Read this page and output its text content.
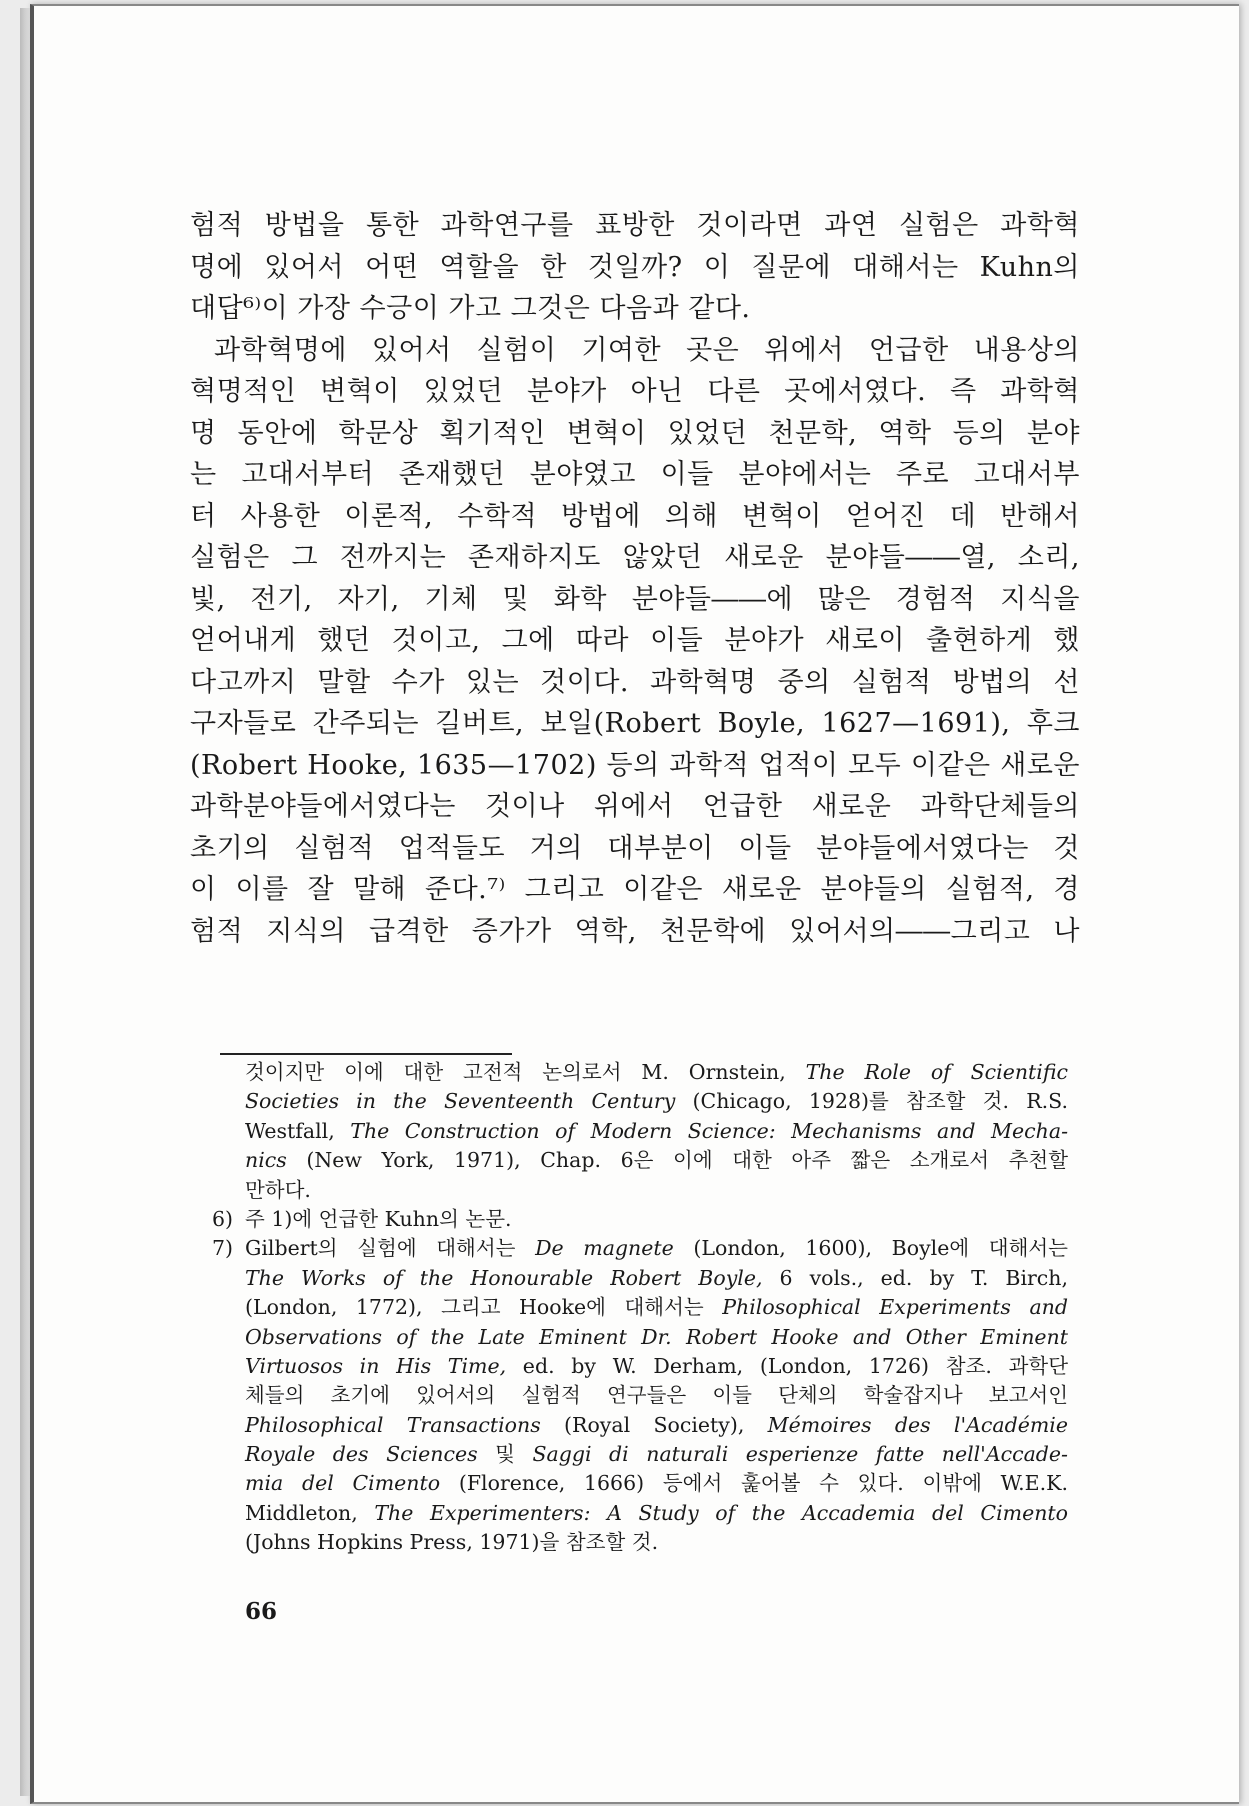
험적 방법을 통한 과학연구를 표방한 것이라면 과연 실험은 과학혁
명에 있어서 어떤 역할을 한 것일까? 이 질문에 대해서는 Kuhn의
대답⁶⁾이 가장 수긍이 가고 그것은 다음과 같다.
과학혁명에 있어서 실험이 기여한 곳은 위에서 언급한 내용상의
혁명적인 변혁이 있었던 분야가 아닌 다른 곳에서였다. 즉 과학혁
명 동안에 학문상 획기적인 변혁이 있었던 천문학, 역학 등의 분야
는 고대서부터 존재했던 분야였고 이들 분야에서는 주로 고대서부
터 사용한 이론적, 수학적 방법에 의해 변혁이 얻어진 데 반해서
실험은 그 전까지는 존재하지도 않았던 새로운 분야들――열, 소리,
빛, 전기, 자기, 기체 및 화학 분야들――에 많은 경험적 지식을
얻어내게 했던 것이고, 그에 따라 이들 분야가 새로이 출현하게 했
다고까지 말할 수가 있는 것이다. 과학혁명 중의 실험적 방법의 선
구자들로 간주되는 길버트, 보일(Robert Boyle, 1627—1691), 후크
(Robert Hooke, 1635—1702) 등의 과학적 업적이 모두 이같은 새로운
과학분야들에서였다는 것이나 위에서 언급한 새로운 과학단체들의
초기의 실험적 업적들도 거의 대부분이 이들 분야들에서였다는 것
이 이를 잘 말해 준다.⁷⁾ 그리고 이같은 새로운 분야들의 실험적, 경
험적 지식의 급격한 증가가 역학, 천문학에 있어서의――그리고 나
것이지만 이에 대한 고전적 논의로서 M. Ornstein, The Role of Scientific
Societies in the Seventeenth Century (Chicago, 1928)를 참조할 것. R.S.
Westfall, The Construction of Modern Science: Mechanisms and Mecha-
nics (New York, 1971), Chap. 6은 이에 대한 아주 짧은 소개로서 추천할
만하다.
6) 주 1)에 언급한 Kuhn의 논문.
7) Gilbert의 실험에 대해서는 De magnete (London, 1600), Boyle에 대해서는
The Works of the Honourable Robert Boyle, 6 vols., ed. by T. Birch,
(London, 1772), 그리고 Hooke에 대해서는 Philosophical Experiments and
Observations of the Late Eminent Dr. Robert Hooke and Other Eminent
Virtuosos in His Time, ed. by W. Derham, (London, 1726) 참조. 과학단
체들의 초기에 있어서의 실험적 연구들은 이들 단체의 학술잡지나 보고서인
Philosophical Transactions (Royal Society), Mémoires des l'Académie
Royale des Sciences 및 Saggi di naturali esperienze fatte nell'Accade-
mia del Cimento (Florence, 1666) 등에서 훑어볼 수 있다. 이밖에 W.E.K.
Middleton, The Experimenters: A Study of the Accademia del Cimento
(Johns Hopkins Press, 1971)을 참조할 것.
66
